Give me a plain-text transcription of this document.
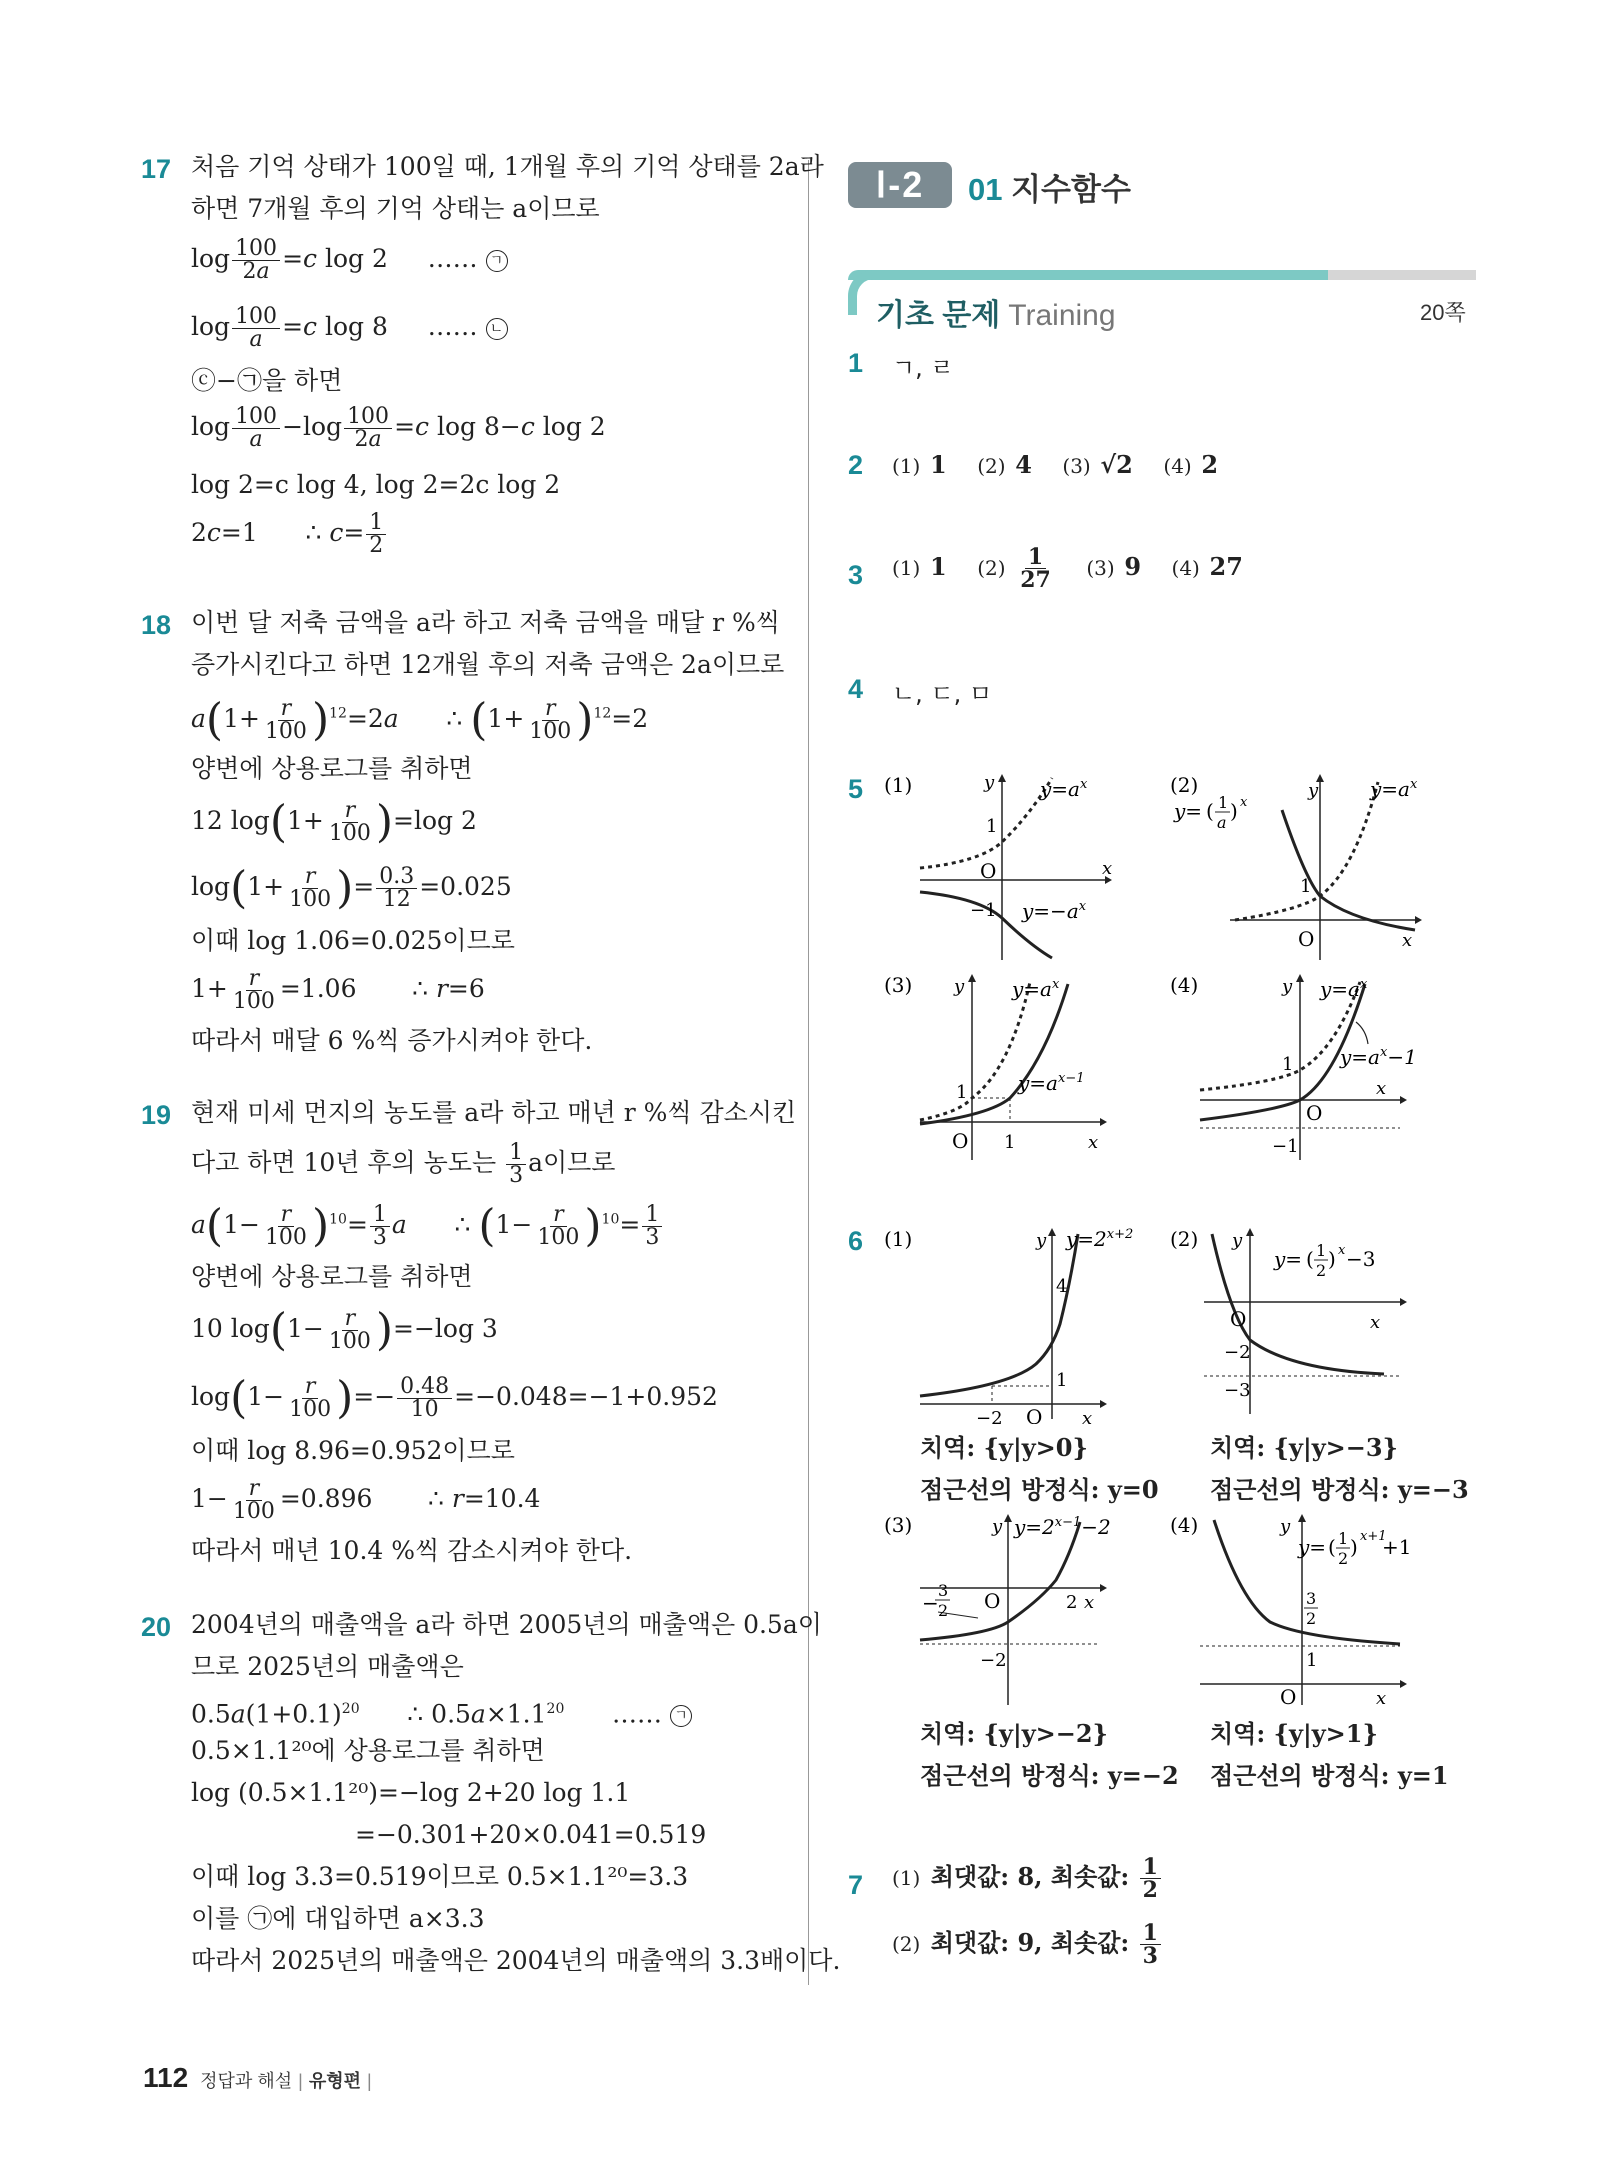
17 처음 기억 상태가 100일 때, 1개월 후의 기억 상태를 2a라
하면 7개월 후의 기억 상태는 a이므로
$\log \frac{100}{2a} =c$ log 2     …… ㄱ
$\log \frac{100}{a} =c$ log 8     …… ㄴ
ⓒ−㉠을 하면
$\log \frac{100}{a} -\log \frac{100}{2a} =c$ log 8−c log 2
log 2=c log 4, log 2=2c log 2
2c=1      ∴ $c= \frac{1}{2}$
18 이번 달 저축 금액을 a라 하고 저축 금액을 매달 r %씩
증가시킨다고 하면 12개월 후의 저축 금액은 2a이므로
$a(1+ \frac{r}{100} )^{12}=2a$      ∴ $(1+ \frac{r}{100} )^{12}=2$
양변에 상용로그를 취하면
12 $\log(1+ \frac{r}{100} )=\log$ 2
$\log(1+ \frac{r}{100}$ )= $\frac{0.3}{12} =0.025$
이때 log 1.06=0.025이므로
$1+ \frac{r}{100} =1.06$       ∴ r=6
따라서 매달 6 %씩 증가시켜야 한다.
19 현재 미세 먼지의 농도를 a라 하고 매년 r %씩 감소시킨
다고 하면 10년 후의 농도는 $\frac{1}{3}$ a이므로
$a(1- \frac{r}{100} )^{10}= \frac{1}{3}$ a      ∴ $(1- \frac{r}{100} )^{10}= \frac{1}{3}$
양변에 상용로그를 취하면
10 $\log(1- \frac{r}{100} )=-\log$ 3
$\log(1- \frac{r}{100}$ )=− $\frac{0.48}{10} =-0.048=-1+0.952$
이때 log 8.96=0.952이므로
$1- \frac{r}{100} =0.896$       ∴ r=10.4
따라서 매년 10.4 %씩 감소시켜야 한다.
20 2004년의 매출액을 a라 하면 2005년의 매출액은 0.5a이
므로 2025년의 매출액은
$0.5a(1+0.1)^{20}$      ∴ $0.5a\times 1.1^{20}$      …… ㄱ
0.5×1.1²⁰에 상용로그를 취하면
log (0.5×1.1²⁰)=−log 2+20 log 1.1
=−0.301+20×0.041=0.519
이때 log 3.3=0.519이므로 0.5×1.1²⁰=3.3
이를 ㉠에 대입하면 a×3.3
따라서 2025년의 매출액은 2004년의 매출액의 3.3배이다.
Ⅰ-2	01 지수함수
기초 문제 Training	20쪽
1 ㄱ, ㄹ
2 (1) 1 (2) 4 (3) √2 (4) 2
3 (1) 1 $(2) \frac{1}{27} (3)$ 9 (4) 27
4 ㄴ, ㄷ, ㅁ
5 (1)	y $y=a^x$
1
O	x
−1 $y=-a^x$
(2)
y= ( 1
a ) x
y	$y=a^x$
1
O	x
(3) y $y=a^x$
1	$y=a^{x-1}$
O 1	x
(4)	y $y=a^x$
1 $y=a^x-1$
O
x
−1
6 (1)	y $y=2^{x+2}$
4
1
−2 O x
치역: {y|y>0}
점근선의 방정식: y=0
(2) y
y= ( 1
2 ) x −3
O	x
−2
−3
치역: {y|y>−3}
점근선의 방정식: y=−3
(3)	y $y=2^{x-1}-2$
−
3
2 O	2 x
−2
치역: {y|y>−2}
점근선의 방정식: y=−2
(4)	y
y= ( 1
2 ) x+1
+1
3
2
1
O	x
치역: {y|y>1}
점근선의 방정식: y=1
7 (1) 최댓값: 8, 최솟값: $\frac{1}{2}$
(2) 최댓값: 9, 최솟값: $\frac{1}{3}$
112 정답과 해설 | 유형편 |
